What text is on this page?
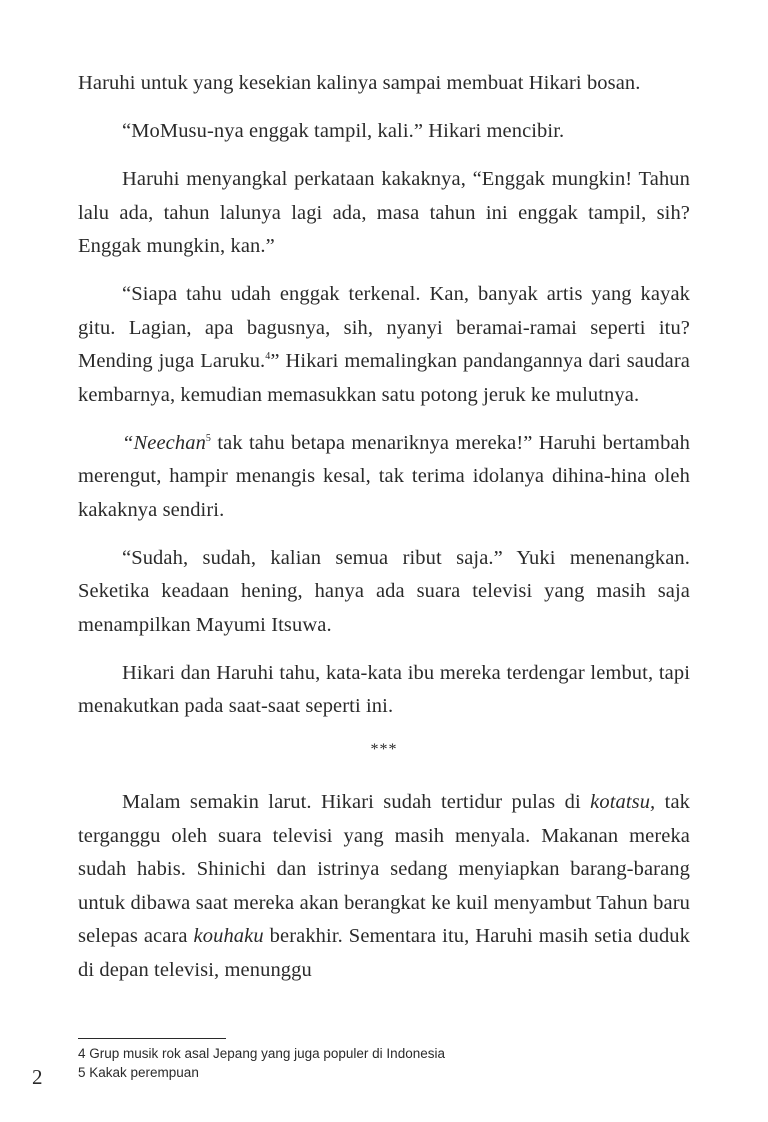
Haruhi untuk yang kesekian kalinya sampai membuat Hikari bosan.

“MoMusu-nya enggak tampil, kali.” Hikari mencibir.

Haruhi menyangkal perkataan kakaknya, “Enggak mungkin! Tahun lalu ada, tahun lalunya lagi ada, masa tahun ini enggak tampil, sih? Enggak mungkin, kan.”

“Siapa tahu udah enggak terkenal. Kan, banyak artis yang kayak gitu. Lagian, apa bagusnya, sih, nyanyi beramai-ramai seperti itu? Mending juga Laruku.$^4$” Hikari memalingkan pandangannya dari saudara kembarnya, kemudian memasukkan satu potong jeruk ke mulutnya.

“Neechan$^5$ tak tahu betapa menariknya mereka!” Haruhi bertambah merengut, hampir menangis kesal, tak terima idolanya dihina-hina oleh kakaknya sendiri.

“Sudah, sudah, kalian semua ribut saja.” Yuki menenangkan. Seketika keadaan hening, hanya ada suara televisi yang masih saja menampilkan Mayumi Itsuwa.

Hikari dan Haruhi tahu, kata-kata ibu mereka terdengar lembut, tapi menakutkan pada saat-saat seperti ini.

***

Malam semakin larut. Hikari sudah tertidur pulas di kotatsu, tak terganggu oleh suara televisi yang masih menyala. Makanan mereka sudah habis. Shinichi dan istrinya sedang menyiapkan barang-barang untuk dibawa saat mereka akan berangkat ke kuil menyambut Tahun baru selepas acara kouhaku berakhir. Sementara itu, Haruhi masih setia duduk di depan televisi, menunggu

4 Grup musik rok asal Jepang yang juga populer di Indonesia
5 Kakak perempuan
2
